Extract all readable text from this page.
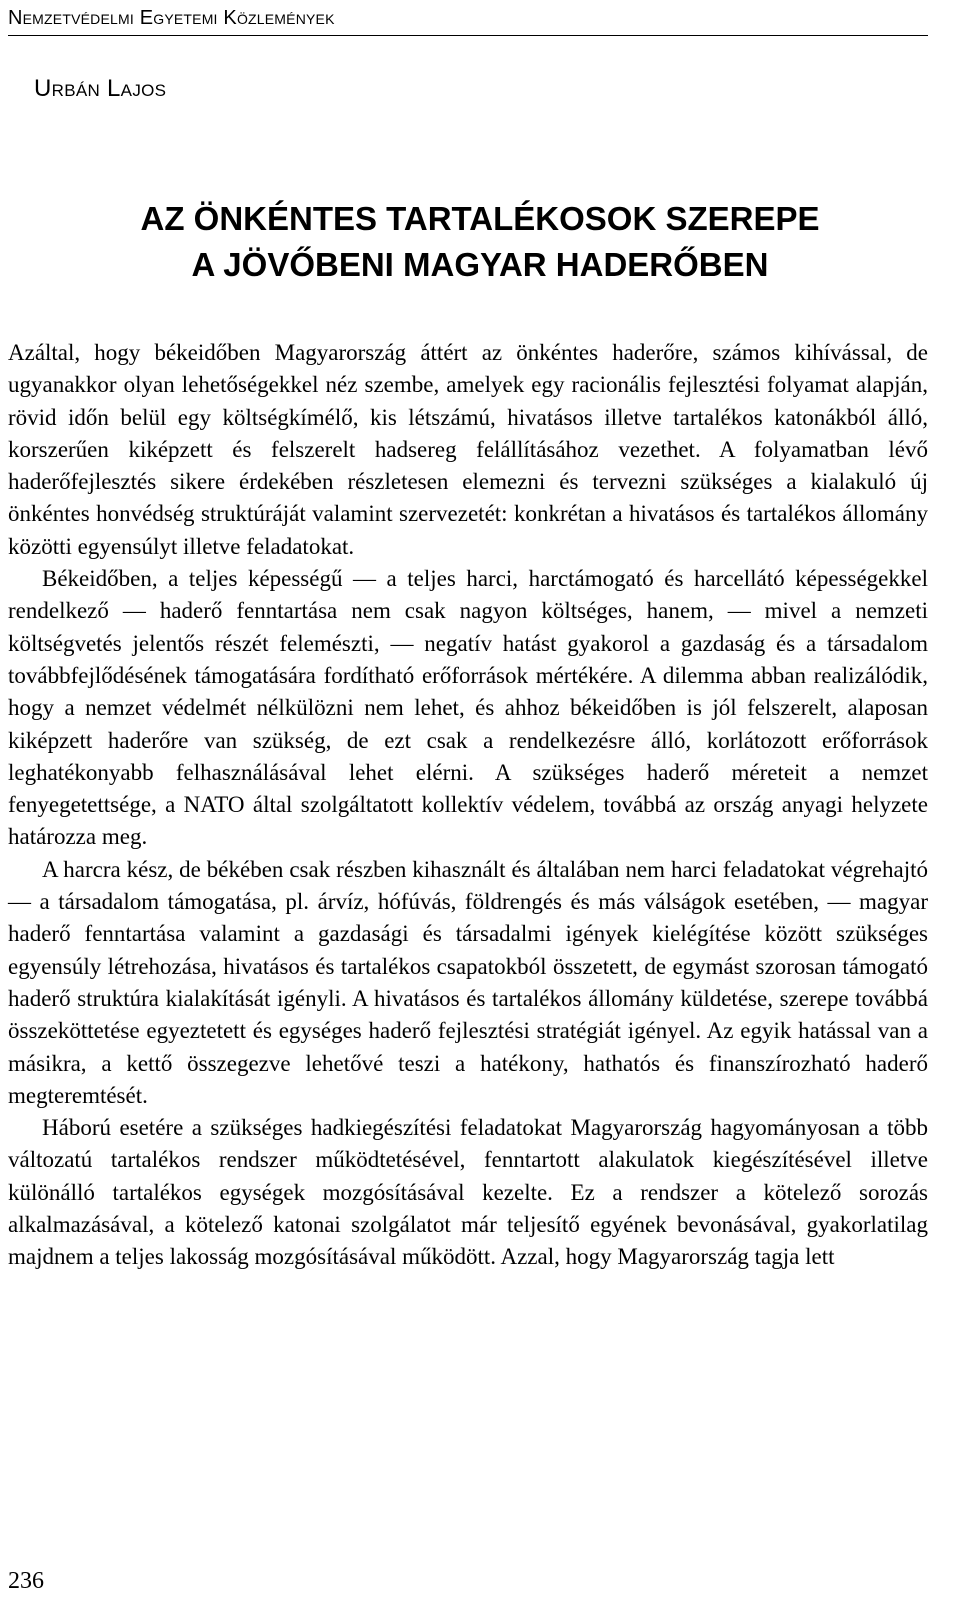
Nemzetvédelmi Egyetemi Közlemények
Urbán Lajos
AZ ÖNKÉNTES TARTALÉKOSOK SZEREPE
A JÖVŐBENI MAGYAR HADERŐBEN

Azáltal, hogy békeidőben Magyarország áttért az önkéntes haderőre, számos kihívással, de ugyanakkor olyan lehetőségekkel néz szembe, amelyek egy racionális fejlesztési folyamat alapján, rövid időn belül egy költségkímélő, kis létszámú, hivatásos illetve tartalékos katonákból álló, korszerűen kiképzett és felszerelt hadsereg felállításához vezethet. A folyamatban lévő haderőfejlesztés sikere érdekében részletesen elemezni és tervezni szükséges a kialakuló új önkéntes honvédség struktúráját valamint szervezetét: konkrétan a hivatásos és tartalékos állomány közötti egyensúlyt illetve feladatokat.

Békeidőben, a teljes képességű — a teljes harci, harctámogató és harcellátó képességekkel rendelkező — haderő fenntartása nem csak nagyon költséges, hanem, — mivel a nemzeti költségvetés jelentős részét felemészti, — negatív hatást gyakorol a gazdaság és a társadalom továbbfejlődésének támogatására fordítható erőforrások mértékére. A dilemma abban realizálódik, hogy a nemzet védelmét nélkülözni nem lehet, és ahhoz békeidőben is jól felszerelt, alaposan kiképzett haderőre van szükség, de ezt csak a rendelkezésre álló, korlátozott erőforrások leghatékonyabb felhasználásával lehet elérni. A szükséges haderő méreteit a nemzet fenyegetettsége, a NATO által szolgáltatott kollektív védelem, továbbá az ország anyagi helyzete határozza meg.

A harcra kész, de békében csak részben kihasznált és általában nem harci feladatokat végrehajtó — a társadalom támogatása, pl. árvíz, hófúvás, földrengés és más válságok esetében, — magyar haderő fenntartása valamint a gazdasági és társadalmi igények kielégítése között szükséges egyensúly létrehozása, hivatásos és tartalékos csapatokból összetett, de egymást szorosan támogató haderő struktúra kialakítását igényli. A hivatásos és tartalékos állomány küldetése, szerepe továbbá összeköttetése egyeztetett és egységes haderő fejlesztési stratégiát igényel. Az egyik hatással van a másikra, a kettő összegezve lehetővé teszi a hatékony, hathatós és finanszírozható haderő megteremtését.

Háború esetére a szükséges hadkiegészítési feladatokat Magyarország hagyományosan a több változatú tartalékos rendszer működtetésével, fenntartott alakulatok kiegészítésével illetve különálló tartalékos egységek mozgósításával kezelte. Ez a rendszer a kötelező sorozás alkalmazásával, a kötelező katonai szolgálatot már teljesítő egyének bevonásával, gyakorlatilag majdnem a teljes lakosság mozgósításával működött. Azzal, hogy Magyarország tagja lett

236
